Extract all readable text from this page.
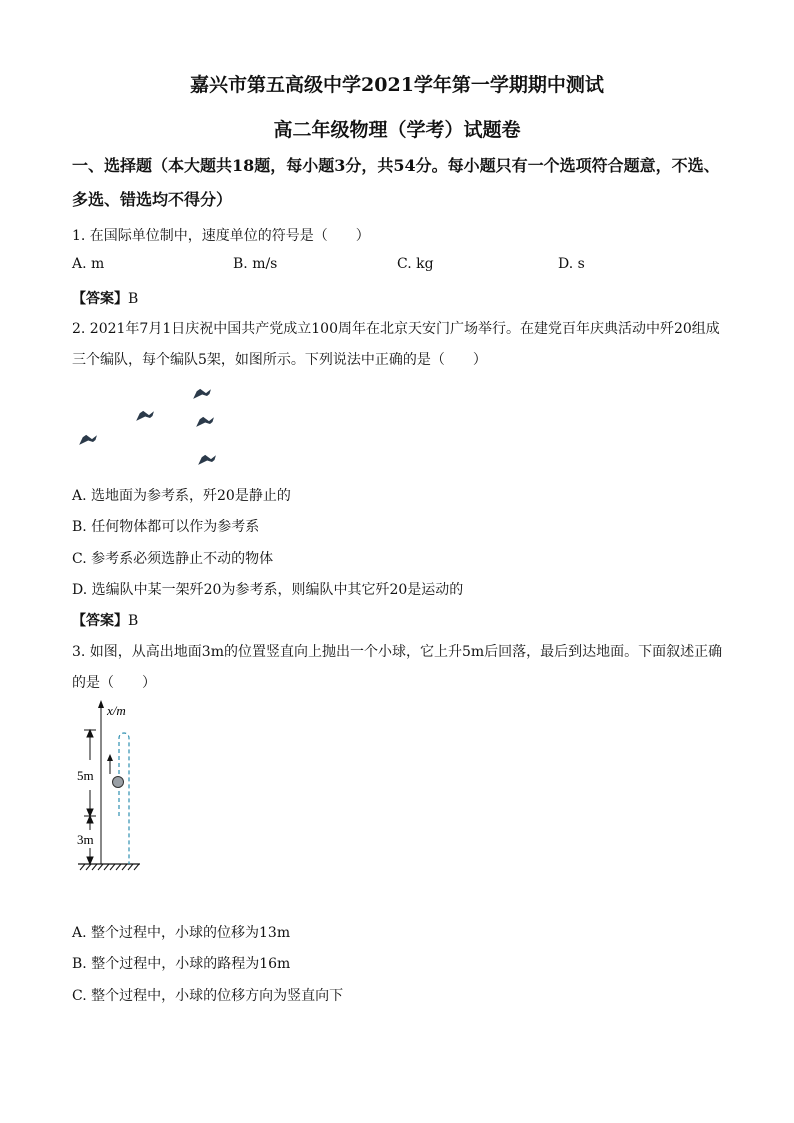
嘉兴市第五高级中学2021学年第一学期期中测试
高二年级物理（学考）试题卷
一、选择题（本大题共18题，每小题3分，共54分。每小题只有一个选项符合题意，不选、
多选、错选均不得分）
1. 在国际单位制中，速度单位的符号是（　　）
A. m	B. m/s	C. kg	D. s
【答案】B
2. 2021年7月1日庆祝中国共产党成立100周年在北京天安门广场举行。在建党百年庆典活动中歼20组成
三个编队，每个编队5架，如图所示。下列说法中正确的是（　　）
A. 选地面为参考系，歼20是静止的
B. 任何物体都可以作为参考系
C. 参考系必须选静止不动的物体
D. 选编队中某一架歼20为参考系，则编队中其它歼20是运动的
【答案】B
3. 如图，从高出地面3m的位置竖直向上抛出一个小球，它上升5m后回落，最后到达地面。下面叙述正确
的是（　　）
x/m
5m
3m
A. 整个过程中，小球的位移为13m
B. 整个过程中，小球的路程为16m
C. 整个过程中，小球的位移方向为竖直向下
